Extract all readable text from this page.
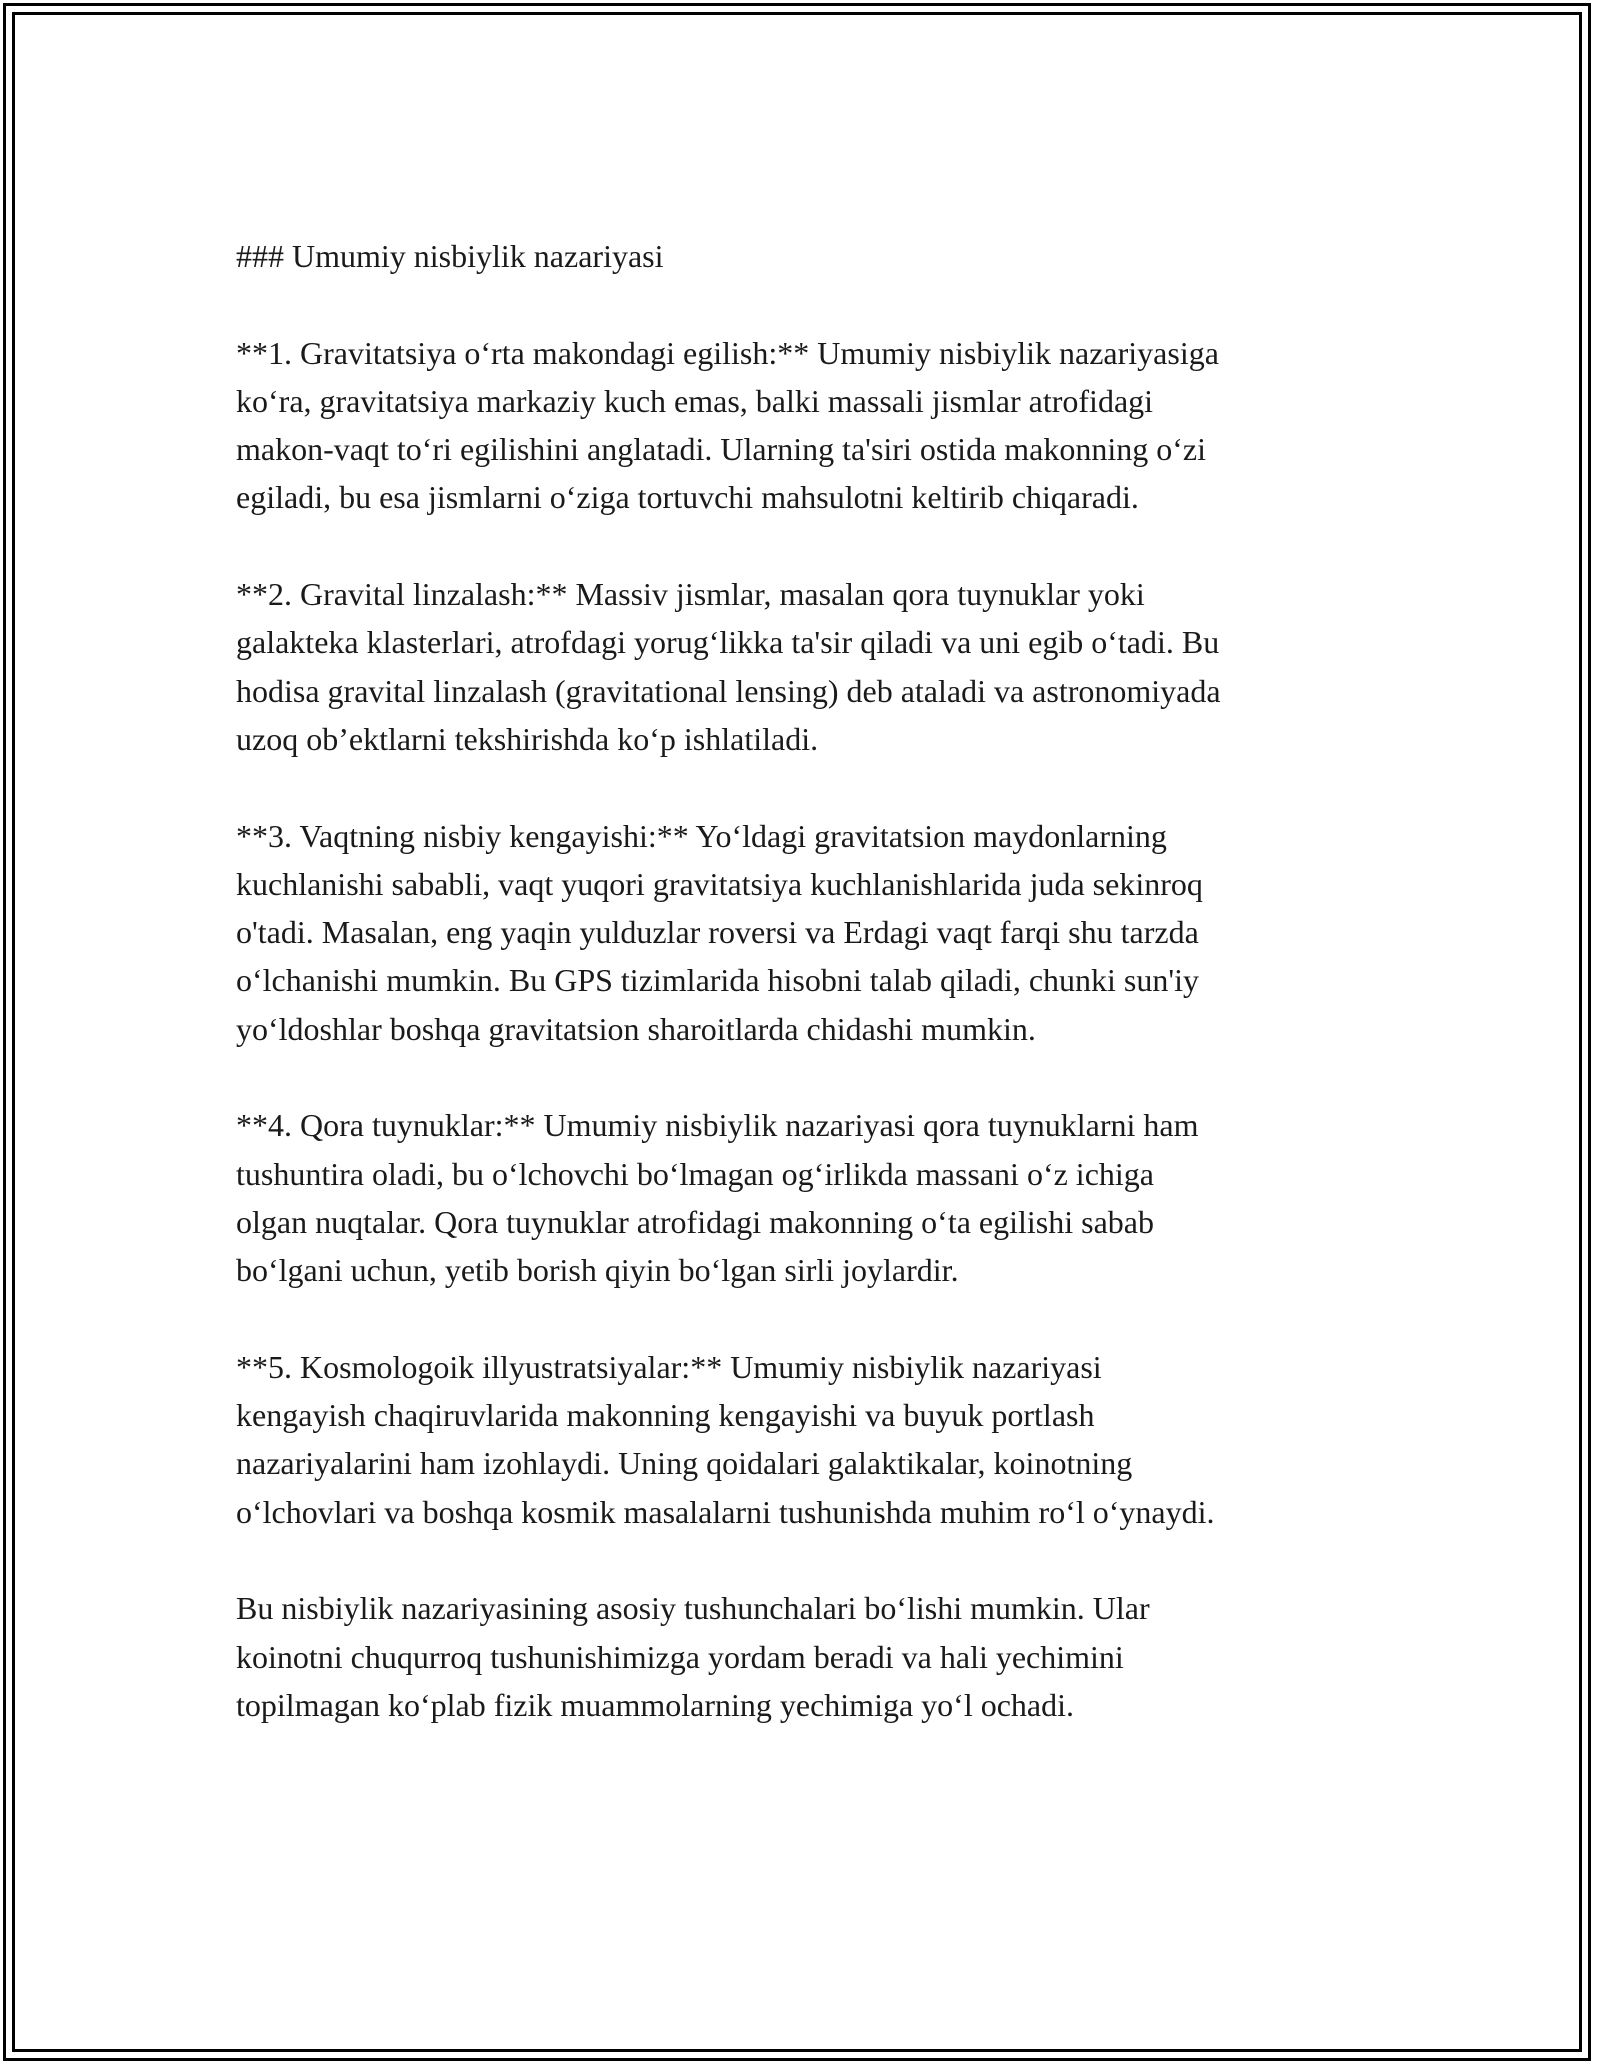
### Umumiy nisbiylik nazariyasi

**1. Gravitatsiya o‘rta makondagi egilish:** Umumiy nisbiylik nazariyasiga
ko‘ra, gravitatsiya markaziy kuch emas, balki massali jismlar atrofidagi
makon-vaqt to‘ri egilishini anglatadi. Ularning ta'siri ostida makonning o‘zi
egiladi, bu esa jismlarni o‘ziga tortuvchi mahsulotni keltirib chiqaradi.

**2. Gravital linzalash:** Massiv jismlar, masalan qora tuynuklar yoki
galakteka klasterlari, atrofdagi yorug‘likka ta'sir qiladi va uni egib o‘tadi. Bu
hodisa gravital linzalash (gravitational lensing) deb ataladi va astronomiyada
uzoq ob’ektlarni tekshirishda ko‘p ishlatiladi.

**3. Vaqtning nisbiy kengayishi:** Yo‘ldagi gravitatsion maydonlarning
kuchlanishi sababli, vaqt yuqori gravitatsiya kuchlanishlarida juda sekinroq
o'tadi. Masalan, eng yaqin yulduzlar roversi va Erdagi vaqt farqi shu tarzda
o‘lchanishi mumkin. Bu GPS tizimlarida hisobni talab qiladi, chunki sun'iy
yo‘ldoshlar boshqa gravitatsion sharoitlarda chidashi mumkin.

**4. Qora tuynuklar:** Umumiy nisbiylik nazariyasi qora tuynuklarni ham
tushuntira oladi, bu o‘lchovchi bo‘lmagan og‘irlikda massani o‘z ichiga
olgan nuqtalar. Qora tuynuklar atrofidagi makonning o‘ta egilishi sabab
bo‘lgani uchun, yetib borish qiyin bo‘lgan sirli joylardir.

**5. Kosmologoik illyustratsiyalar:** Umumiy nisbiylik nazariyasi
kengayish chaqiruvlarida makonning kengayishi va buyuk portlash
nazariyalarini ham izohlaydi. Uning qoidalari galaktikalar, koinotning
o‘lchovlari va boshqa kosmik masalalarni tushunishda muhim ro‘l o‘ynaydi.

Bu nisbiylik nazariyasining asosiy tushunchalari bo‘lishi mumkin. Ular
koinotni chuqurroq tushunishimizga yordam beradi va hali yechimini
topilmagan ko‘plab fizik muammolarning yechimiga yo‘l ochadi.
